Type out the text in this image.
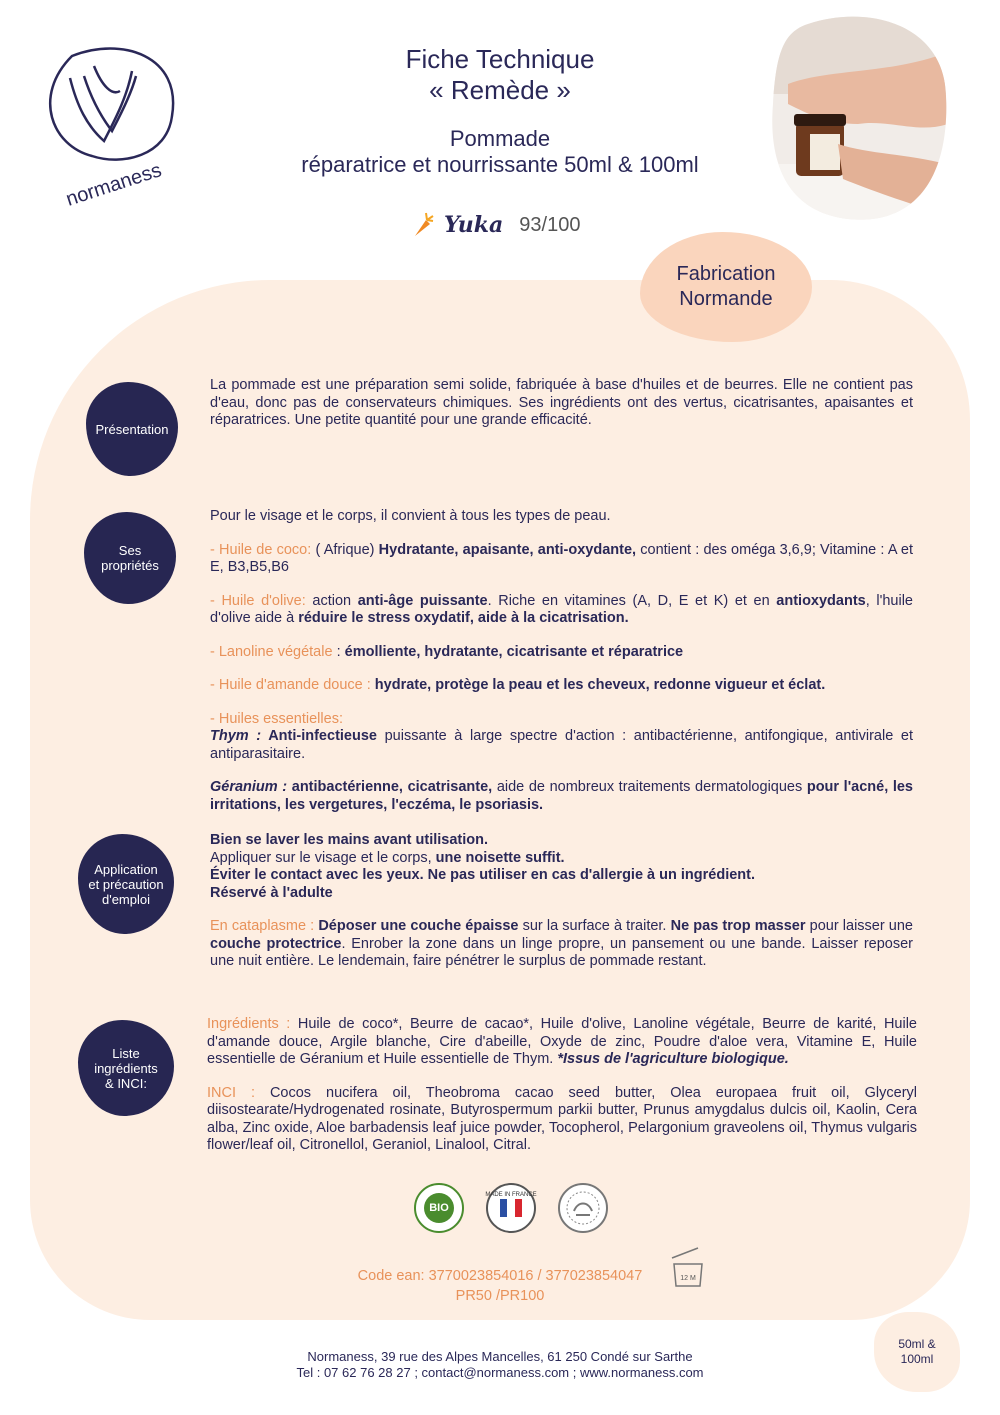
normaness
Fiche Technique
« Remède »
Pommade
réparatrice et nourrissante 50ml & 100ml
Yuka 93/100
Fabrication
Normande
Présentation

La pommade est une préparation semi solide, fabriquée à base d'huiles et de beurres. Elle ne contient pas d'eau, donc pas de conservateurs chimiques. Ses ingrédients ont des vertus, cicatrisantes, apaisantes et réparatrices. Une petite quantité pour une grande efficacité.

Ses
propriétés

Pour le visage et le corps, il convient à tous les types de peau.

- Huile de coco: ( Afrique) Hydratante, apaisante, anti-oxydante, contient : des oméga 3,6,9; Vitamine : A et E, B3,B5,B6

- Huile d'olive: action anti-âge puissante. Riche en vitamines (A, D, E et K) et en antioxydants, l'huile d'olive aide à réduire le stress oxydatif, aide à la cicatrisation.

- Lanoline végétale : émolliente, hydratante, cicatrisante et réparatrice

- Huile d'amande douce : hydrate, protège la peau et les cheveux, redonne vigueur et éclat.

- Huiles essentielles:

Thym : Anti-infectieuse puissante à large spectre d'action : antibactérienne, antifongique, antivirale et antiparasitaire.

Géranium : antibactérienne, cicatrisante, aide de nombreux traitements dermatologiques pour l'acné, les irritations, les vergetures, l'eczéma, le psoriasis.

Application
et précaution
d'emploi

Bien se laver les mains avant utilisation.

Appliquer sur le visage et le corps, une noisette suffit.

Éviter le contact avec les yeux. Ne pas utiliser en cas d'allergie à un ingrédient.

Réservé à l'adulte

En cataplasme : Déposer une couche épaisse sur la surface à traiter. Ne pas trop masser pour laisser une couche protectrice. Enrober la zone dans un linge propre, un pansement ou une bande. Laisser reposer une nuit entière. Le lendemain, faire pénétrer le surplus de pommade restant.

Liste
ingrédients
& INCI:

Ingrédients : Huile de coco*, Beurre de cacao*, Huile d'olive, Lanoline végétale, Beurre de karité, Huile d'amande douce, Argile blanche, Cire d'abeille, Oxyde de zinc, Poudre d'aloe vera, Vitamine E, Huile essentielle de Géranium et Huile essentielle de Thym. *Issus de l'agriculture biologique.

INCI : Cocos nucifera oil, Theobroma cacao seed butter, Olea europaea fruit oil, Glyceryl diisostearate/Hydrogenated rosinate, Butyrospermum parkii butter, Prunus amygdalus dulcis oil, Kaolin, Cera alba, Zinc oxide, Aloe barbadensis leaf juice powder, Tocopherol, Pelargonium graveolens oil, Thymus vulgaris flower/leaf oil, Citronellol, Geraniol, Linalool, Citral.

BIO
MADE IN FRANCE
Code ean: 3770023854016 / 377023854047
PR50 /PR100
12 M
Normaness, 39 rue des Alpes Mancelles, 61 250 Condé sur Sarthe
Tel : 07 62 76 28 27 ; contact@normaness.com ; www.normaness.com
50ml &
100ml
